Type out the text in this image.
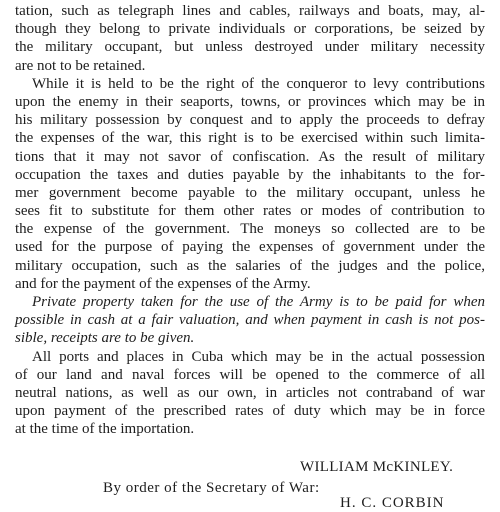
tation, such as telegraph lines and cables, railways and boats, may, al-
though they belong to private individuals or corporations, be seized by
the military occupant, but unless destroyed under military necessity
are not to be retained.
While it is held to be the right of the conqueror to levy contributions
upon the enemy in their seaports, towns, or provinces which may be in
his military possession by conquest and to apply the proceeds to defray
the expenses of the war, this right is to be exercised within such limita-
tions that it may not savor of confiscation. As the result of military
occupation the taxes and duties payable by the inhabitants to the for-
mer government become payable to the military occupant, unless he
sees fit to substitute for them other rates or modes of contribution to
the expense of the government. The moneys so collected are to be
used for the purpose of paying the expenses of government under the
military occupation, such as the salaries of the judges and the police,
and for the payment of the expenses of the Army.
Private property taken for the use of the Army is to be paid for when
possible in cash at a fair valuation, and when payment in cash is not pos-
sible, receipts are to be given.
All ports and places in Cuba which may be in the actual possession
of our land and naval forces will be opened to the commerce of all
neutral nations, as well as our own, in articles not contraband of war
upon payment of the prescribed rates of duty which may be in force
at the time of the importation.
WILLIAM McKINLEY.
By order of the Secretary of War:
H. C. CORBIN
